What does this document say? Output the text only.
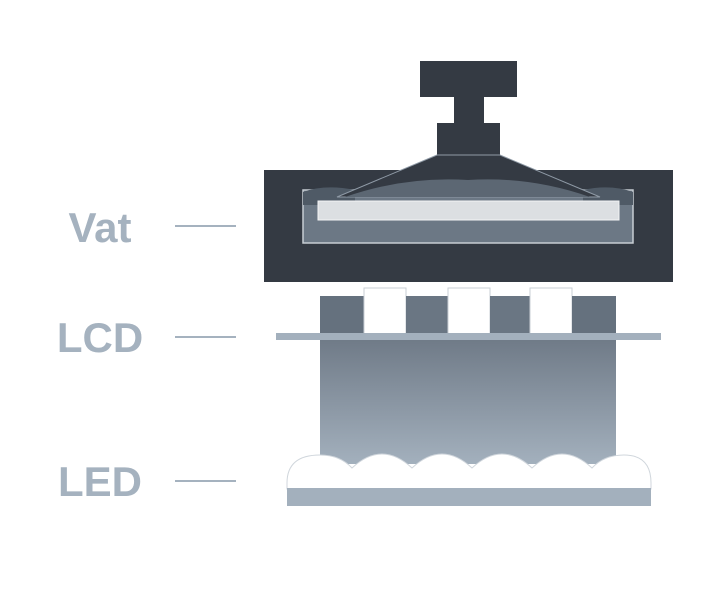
Vat
LCD
LED
